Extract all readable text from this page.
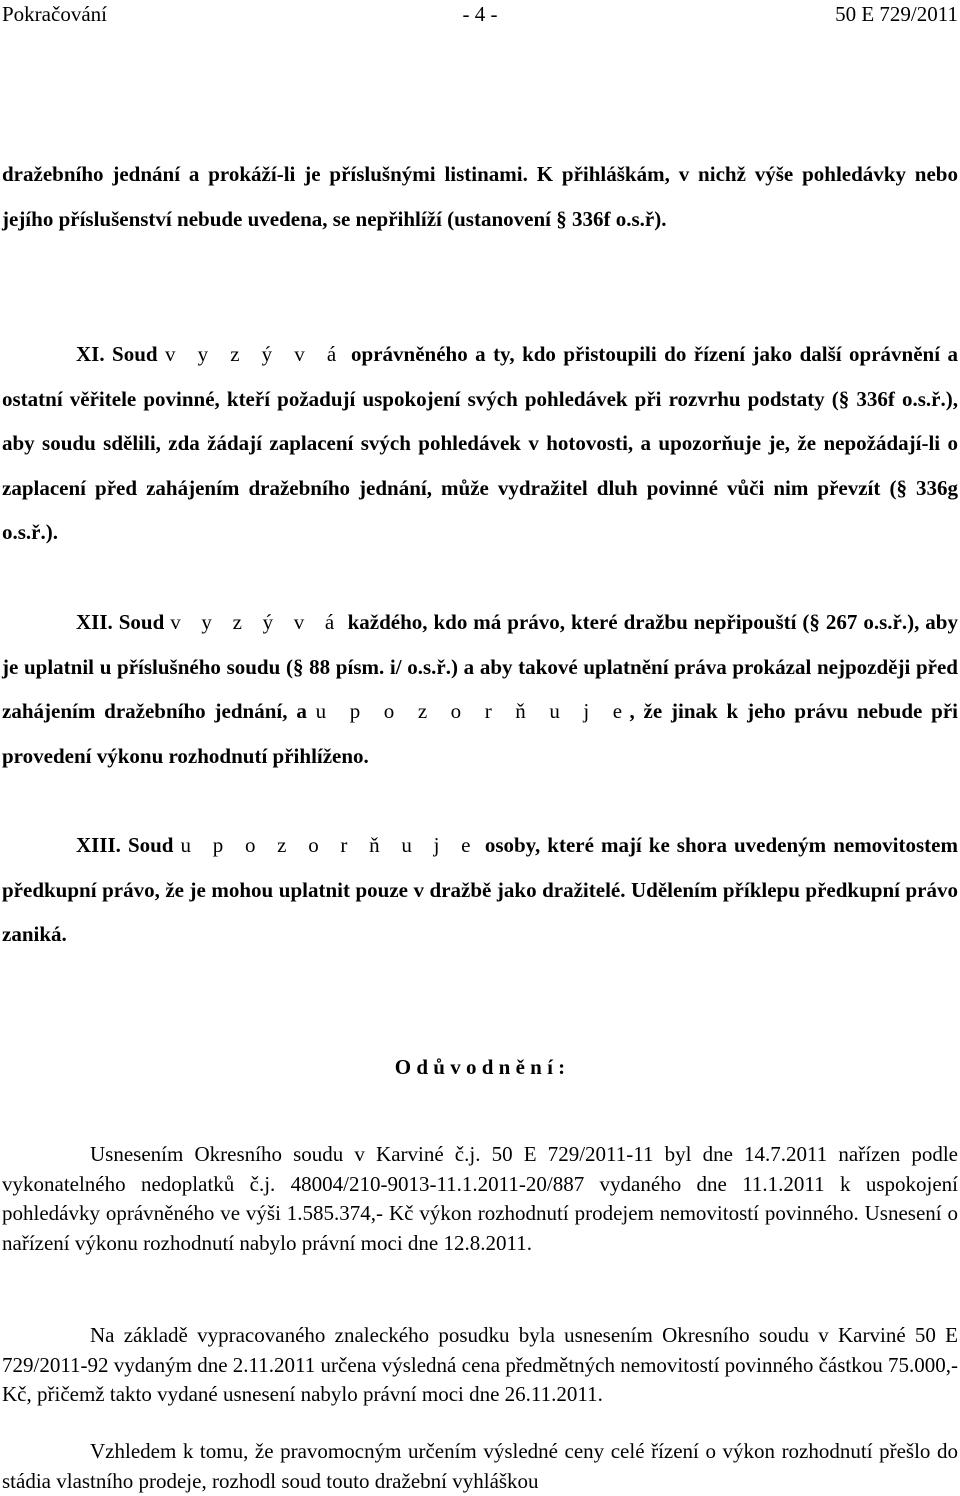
Pokračování	- 4 -	50 E 729/2011
dražebního jednání a prokáží-li je příslušnými listinami. K přihláškám, v nichž výše pohledávky nebo jejího příslušenství nebude uvedena, se nepřihlíží (ustanovení § 336f o.s.ř).
XI. Soud v y z ý v á oprávněného a ty, kdo přistoupili do řízení jako další oprávnění a ostatní věřitele povinné, kteří požadují uspokojení svých pohledávek při rozvrhu podstaty (§ 336f o.s.ř.), aby soudu sdělili, zda žádají zaplacení svých pohledávek v hotovosti, a upozorňuje je, že nepožádají-li o zaplacení před zahájením dražebního jednání, může vydražitel dluh povinné vůči nim převzít (§ 336g o.s.ř.).
XII. Soud v y z ý v á každého, kdo má právo, které dražbu nepřipouští (§ 267 o.s.ř.), aby je uplatnil u příslušného soudu (§ 88 písm. i/ o.s.ř.) a aby takové uplatnění práva prokázal nejpozději před zahájením dražebního jednání, a u p o z o r ň u j e, že jinak k jeho právu nebude při provedení výkonu rozhodnutí přihlíženo.
XIII. Soud u p o z o r ň u j e osoby, které mají ke shora uvedeným nemovitostem předkupní právo, že je mohou uplatnit pouze v dražbě jako dražitelé. Udělením příklepu předkupní právo zaniká.
O d ů v o d n ě n í :
Usnesením Okresního soudu v Karviné č.j. 50 E 729/2011-11 byl dne 14.7.2011 nařízen podle vykonatelného nedoplatků č.j. 48004/210-9013-11.1.2011-20/887 vydaného dne 11.1.2011 k uspokojení pohledávky oprávněného ve výši 1.585.374,- Kč výkon rozhodnutí prodejem nemovitostí povinného. Usnesení o nařízení výkonu rozhodnutí nabylo právní moci dne 12.8.2011.
Na základě vypracovaného znaleckého posudku byla usnesením Okresního soudu v Karviné 50 E 729/2011-92 vydaným dne 2.11.2011 určena výsledná cena předmětných nemovitostí povinného částkou 75.000,- Kč, přičemž takto vydané usnesení nabylo právní moci dne 26.11.2011.
Vzhledem k tomu, že pravomocným určením výsledné ceny celé řízení o výkon rozhodnutí přešlo do stádia vlastního prodeje, rozhodl soud touto dražební vyhláškou
